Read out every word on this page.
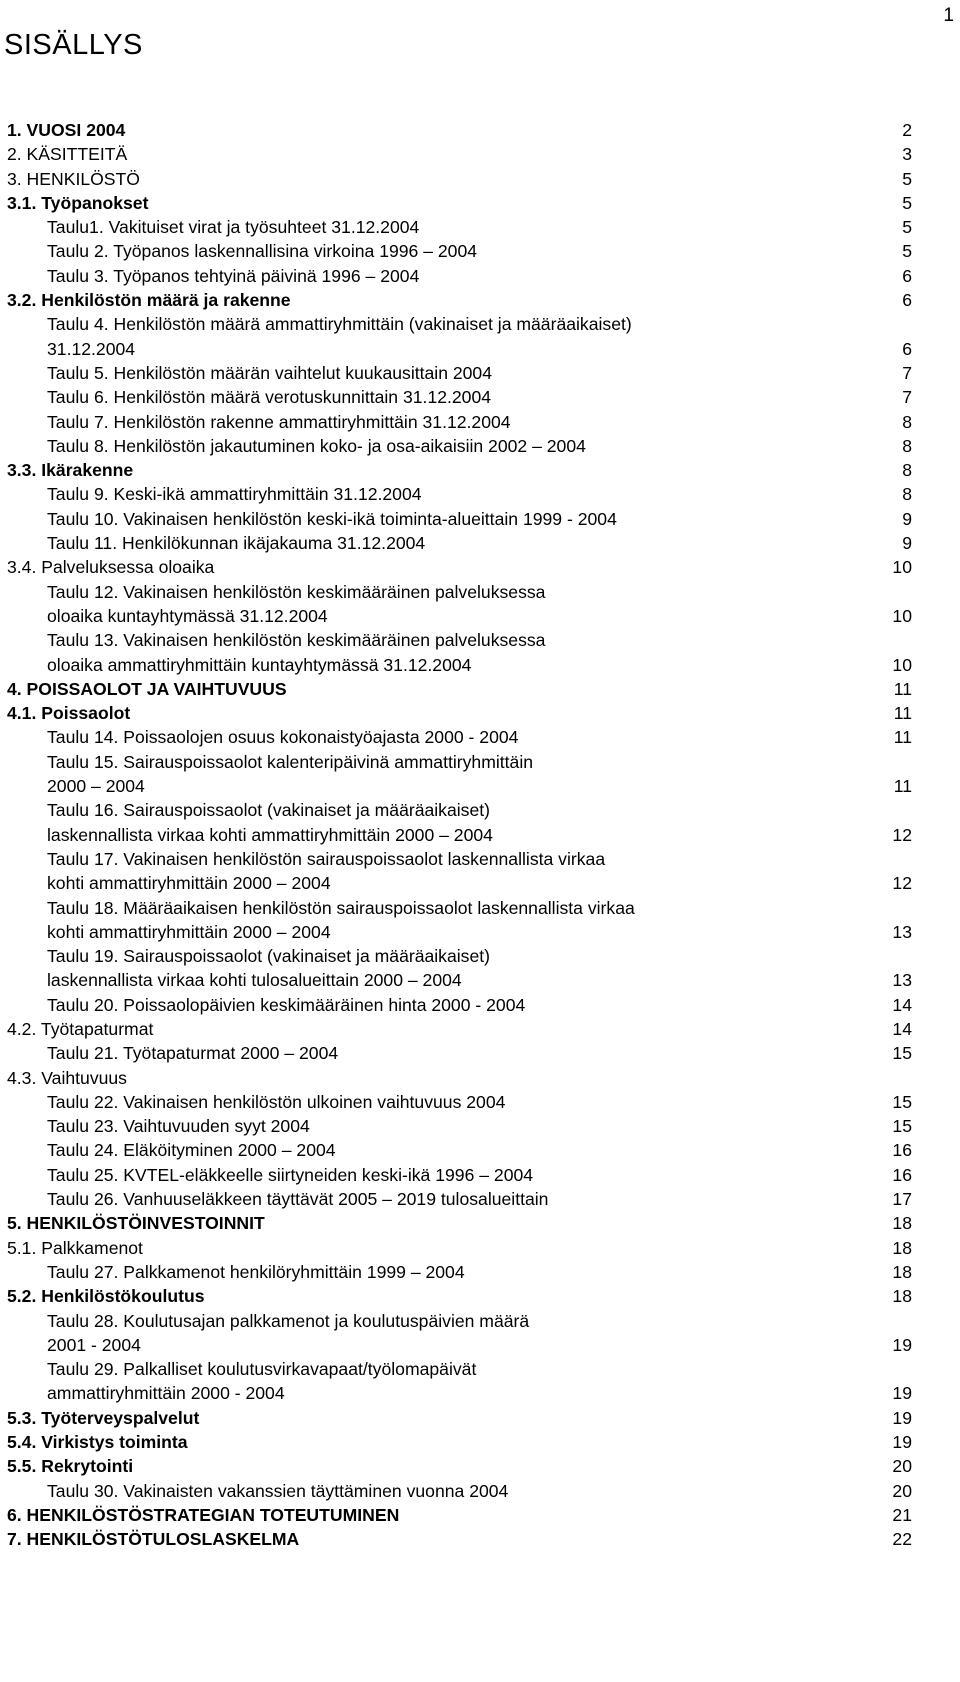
1
SISÄLLYS
1. VUOSI 2004	2
2. KÄSITTEITÄ	3
3. HENKILÖSTÖ	5
3.1. Työpanokset	5
Taulu1. Vakituiset virat ja työsuhteet 31.12.2004	5
Taulu 2. Työpanos laskennallisina virkoina 1996 – 2004	5
Taulu 3. Työpanos tehtyinä päivinä 1996 – 2004	6
3.2. Henkilöstön määrä ja rakenne	6
Taulu 4. Henkilöstön määrä ammattiryhmittäin (vakinaiset ja määräaikaiset)
31.12.2004	6
Taulu 5. Henkilöstön määrän vaihtelut kuukausittain 2004	7
Taulu 6. Henkilöstön määrä verotuskunnittain 31.12.2004	7
Taulu 7. Henkilöstön rakenne ammattiryhmittäin 31.12.2004	8
Taulu 8. Henkilöstön jakautuminen koko- ja osa-aikaisiin 2002 – 2004	8
3.3. Ikärakenne	8
Taulu 9. Keski-ikä ammattiryhmittäin 31.12.2004	8
Taulu 10. Vakinaisen henkilöstön keski-ikä toiminta-alueittain 1999 - 2004	9
Taulu 11. Henkilökunnan ikäjakauma 31.12.2004	9
3.4. Palveluksessa oloaika	10
Taulu 12. Vakinaisen henkilöstön keskimääräinen palveluksessa
oloaika kuntayhtymässä 31.12.2004	10
Taulu 13. Vakinaisen henkilöstön keskimääräinen palveluksessa
oloaika ammattiryhmittäin kuntayhtymässä 31.12.2004	10
4. POISSAOLOT JA VAIHTUVUUS	11
4.1. Poissaolot	11
Taulu 14. Poissaolojen osuus kokonaistyöajasta 2000 - 2004	11
Taulu 15. Sairauspoissaolot kalenteripäivinä ammattiryhmittäin
2000 – 2004	11
Taulu 16. Sairauspoissaolot (vakinaiset ja määräaikaiset)
laskennallista virkaa kohti ammattiryhmittäin 2000 – 2004	12
Taulu 17. Vakinaisen henkilöstön sairauspoissaolot laskennallista virkaa
kohti ammattiryhmittäin 2000 – 2004	12
Taulu 18. Määräaikaisen henkilöstön sairauspoissaolot laskennallista virkaa
kohti ammattiryhmittäin 2000 – 2004	13
Taulu 19. Sairauspoissaolot (vakinaiset ja määräaikaiset)
laskennallista virkaa kohti tulosalueittain 2000 – 2004	13
Taulu 20. Poissaolopäivien keskimääräinen hinta 2000 - 2004	14
4.2. Työtapaturmat	14
Taulu 21. Työtapaturmat 2000 – 2004	15
4.3. Vaihtuvuus
Taulu 22. Vakinaisen henkilöstön ulkoinen vaihtuvuus 2004	15
Taulu 23. Vaihtuvuuden syyt 2004	15
Taulu 24. Eläköityminen 2000 – 2004	16
Taulu 25. KVTEL-eläkkeelle siirtyneiden keski-ikä 1996 – 2004	16
Taulu 26. Vanhuuseläkkeen täyttävät 2005 – 2019 tulosalueittain	17
5. HENKILÖSTÖINVESTOINNIT	18
5.1. Palkkamenot	18
Taulu 27. Palkkamenot henkilöryhmittäin 1999 – 2004	18
5.2. Henkilöstökoulutus	18
Taulu 28. Koulutusajan palkkamenot ja koulutuspäivien määrä
2001 - 2004	19
Taulu 29. Palkalliset koulutusvirkavapaat/työlomapäivät
ammattiryhmittäin 2000 - 2004	19
5.3. Työterveyspalvelut	19
5.4. Virkistys toiminta	19
5.5. Rekrytointi	20
Taulu 30. Vakinaisten vakanssien täyttäminen vuonna 2004	20
6. HENKILÖSTÖSTRATEGIAN TOTEUTUMINEN	21
7. HENKILÖSTÖTULOSLASKELMA	22
